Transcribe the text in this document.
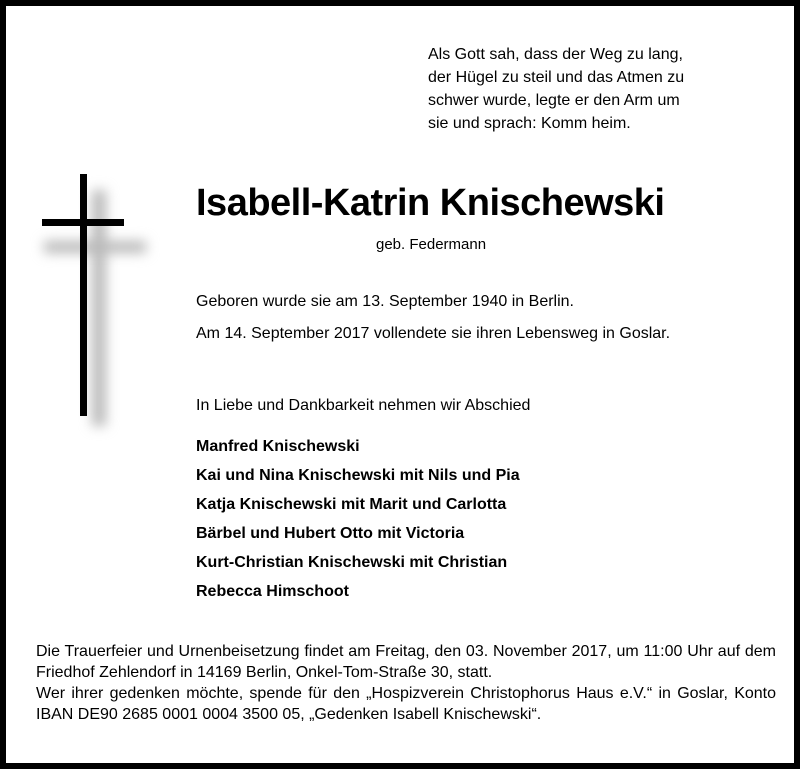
Als Gott sah, dass der Weg zu lang,
der Hügel zu steil und das Atmen zu
schwer wurde, legte er den Arm um
sie und sprach: Komm heim.
Isabell-Katrin Knischewski
geb. Federmann
Geboren wurde sie am 13. September 1940 in Berlin.
Am 14. September 2017 vollendete sie ihren Lebensweg in Goslar.
In Liebe und Dankbarkeit nehmen wir Abschied
Manfred Knischewski
Kai und Nina Knischewski mit Nils und Pia
Katja Knischewski mit Marit und Carlotta
Bärbel und Hubert Otto mit Victoria
Kurt-Christian Knischewski mit Christian
Rebecca Himschoot

Die Trauerfeier und Urnenbeisetzung findet am Freitag, den 03. November 2017, um 11:00 Uhr auf dem Friedhof Zehlendorf in 14169 Berlin, Onkel-Tom-Straße 30, statt.

Wer ihrer gedenken möchte, spende für den „Hospizverein Christophorus Haus e.V.“ in Goslar, Konto IBAN DE90 2685 0001 0004 3500 05, „Gedenken Isabell Knischewski“.
